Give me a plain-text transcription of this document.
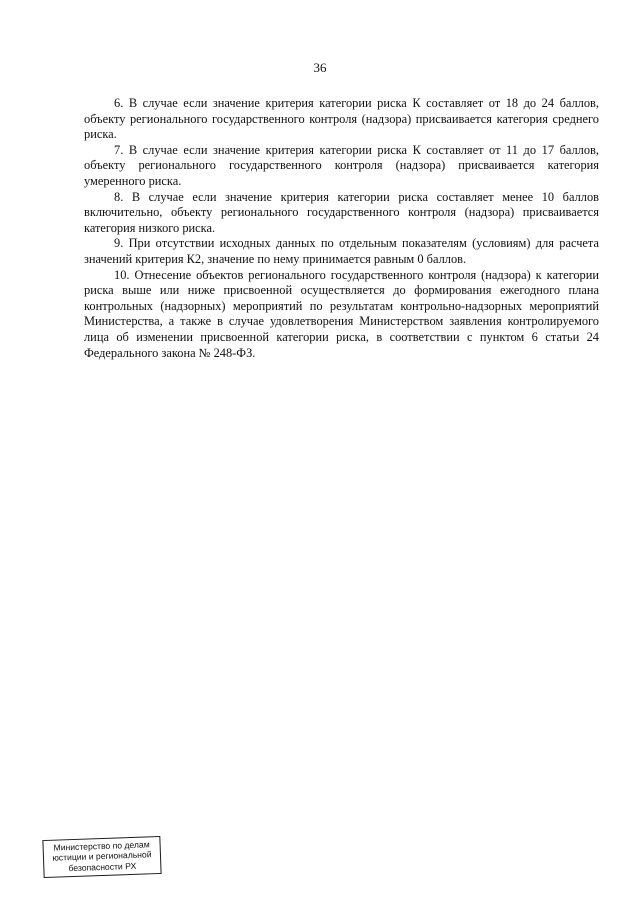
36

6. В случае если значение критерия категории риска К составляет от 18 до 24 баллов, объекту регионального государственного контроля (надзора) присваивается категория среднего риска.

7. В случае если значение критерия категории риска К составляет от 11 до 17 баллов, объекту регионального государственного контроля (надзора) присваивается категория умеренного риска.

8. В случае если значение критерия категории риска составляет менее 10 баллов включительно, объекту регионального государственного контроля (надзора) присваивается категория низкого риска.

9. При отсутствии исходных данных по отдельным показателям (условиям) для расчета значений критерия К2, значение по нему принимается равным 0 баллов.

10. Отнесение объектов регионального государственного контроля (надзора) к категории риска выше или ниже присвоенной осуществляется до формирования ежегодного плана контрольных (надзорных) мероприятий по результатам контрольно-надзорных мероприятий Министерства, а также в случае удовлетворения Министерством заявления контролируемого лица об изменении присвоенной категории риска, в соответствии с пунктом 6 статьи 24 Федерального закона № 248-ФЗ.

Министерство по делам
юстиции и региональной
безопасности РХ
